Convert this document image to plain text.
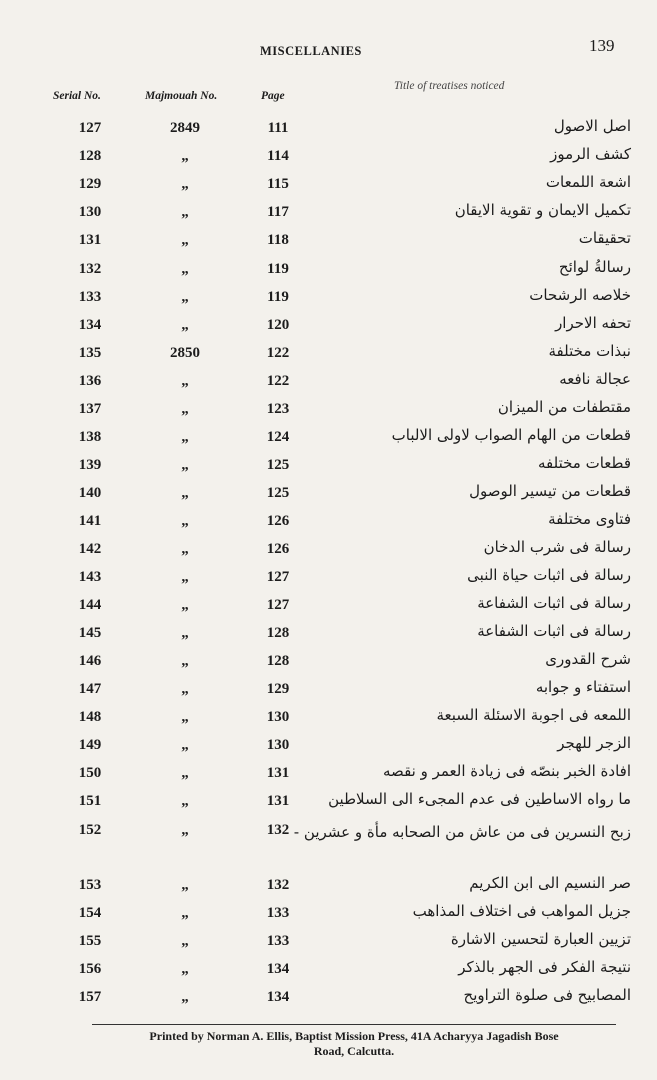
MISCELLANIES	139
Serial No.	Majmouah No.	Page
Title of treatises noticed
127	2849	111	اصل الاصول
128	„	114	كشف الرموز
129	„	115	اشعة اللمعات
130	„	117	تكميل الايمان و تقوية الايقان
131	„	118	تحقيقات
132	„	119	رسالةُ لوائح
133	„	119	خلاصه الرشحات
134	„	120	تحفه الاحرار
135	2850	122	نبذات مختلفة
136	„	122	عجالة نافعه
137	„	123	مقتطفات من الميزان
138	„	124	قطعات من الهام الصواب لاولى الالباب
139	„	125	قطعات مختلفه
140	„	125	قطعات من تيسير الوصول
141	„	126	فتاوى مختلفة
142	„	126	رسالة فى شرب الدخان
143	„	127	رسالة فى اثبات حياة النبى
144	„	127	رسالة فى اثبات الشفاعة
145	„	128	رسالة فى اثبات الشفاعة
146	„	128	شرح القدورى
147	„	129	استفتاء و جوابه
148	„	130	اللمعه فى اجوبة الاسئلة السبعة
149	„	130	الزجر للهجر
150	„	131	افادة الخبر بنصّه فى زيادة العمر و نقصه
151	„	131	ما رواه الاساطين فى عدم المجىء الى السلاطين
152	„	132 زبح النسرين فى من عاش من الصحابه مأة و عشرين -
153	„	132	صر النسيم الى ابن الكريم
154	„	133	جزيل المواهب فى اختلاف المذاهب
155	„	133	تزيين العبارة لتحسين الاشارة
156	„	134	نتيجة الفكر فى الجهر بالذكر
157	„	134	المصابيح فى صلوة التراويح
Printed by Norman A. Ellis, Baptist Mission Press, 41A Acharyya Jagadish Bose
Road, Calcutta.
